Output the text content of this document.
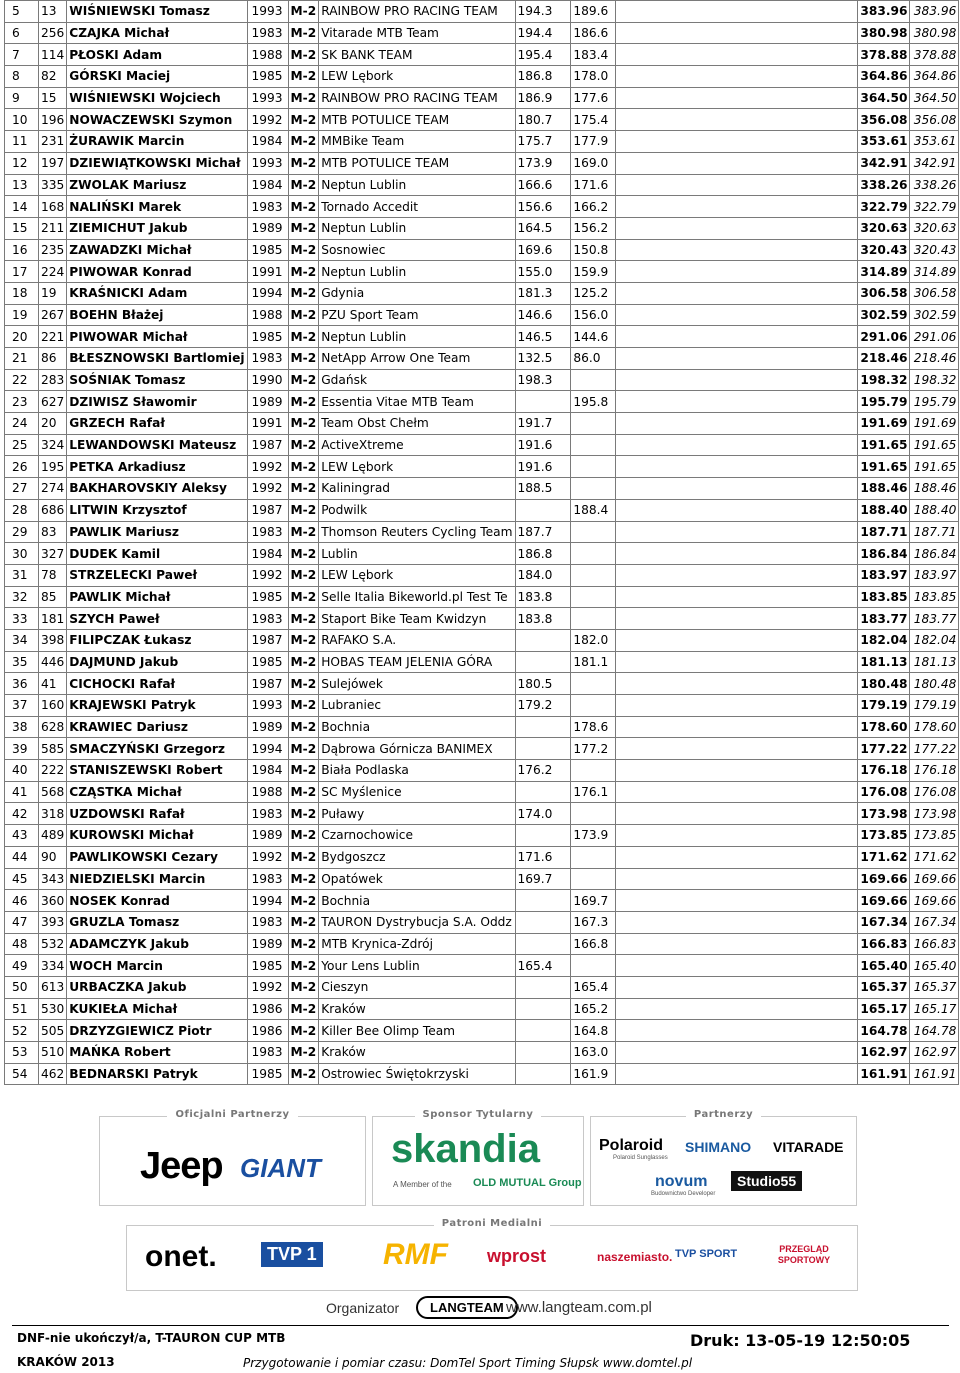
5	13	WIŚNIEWSKI Tomasz	1993	M-2	RAINBOW PRO RACING TEAM	194.3		189.6		383.96	383.96
6	256	CZAJKA Michał	1983	M-2	Vitarade MTB Team	194.4		186.6		380.98	380.98
7	114	PŁOSKI Adam	1988	M-2	SK BANK TEAM	195.4		183.4		378.88	378.88
8	82	GÓRSKI Maciej	1985	M-2	LEW Lębork	186.8		178.0		364.86	364.86
9	15	WIŚNIEWSKI Wojciech	1993	M-2	RAINBOW PRO RACING TEAM	186.9		177.6		364.50	364.50
10	196	NOWACZEWSKI Szymon	1992	M-2	MTB POTULICE TEAM	180.7		175.4		356.08	356.08
11	231	ŻURAWIK Marcin	1984	M-2	MMBike Team	175.7		177.9		353.61	353.61
12	197	DZIEWIĄTKOWSKI Michał	1993	M-2	MTB POTULICE TEAM	173.9		169.0		342.91	342.91
13	335	ZWOLAK Mariusz	1984	M-2	Neptun Lublin	166.6		171.6		338.26	338.26
14	168	NALIŃSKI Marek	1983	M-2	Tornado Accedit	156.6		166.2		322.79	322.79
15	211	ZIEMICHUT Jakub	1989	M-2	Neptun Lublin	164.5		156.2		320.63	320.63
16	235	ZAWADZKI Michał	1985	M-2	Sosnowiec	169.6		150.8		320.43	320.43
17	224	PIWOWAR Konrad	1991	M-2	Neptun Lublin	155.0		159.9		314.89	314.89
18	19	KRAŚNICKI Adam	1994	M-2	Gdynia	181.3		125.2		306.58	306.58
19	267	BOEHN Błażej	1988	M-2	PZU Sport Team	146.6		156.0		302.59	302.59
20	221	PIWOWAR Michał	1985	M-2	Neptun Lublin	146.5		144.6		291.06	291.06
21	86	BŁESZNOWSKI Bartlomiej	1983	M-2	NetApp Arrow One Team	132.5		86.0		218.46	218.46
22	283	SOŚNIAK Tomasz	1990	M-2	Gdańsk	198.3				198.32	198.32
23	627	DZIWISZ Sławomir	1989	M-2	Essentia Vitae MTB Team			195.8		195.79	195.79
24	20	GRZECH Rafał	1991	M-2	Team Obst Chełm	191.7				191.69	191.69
25	324	LEWANDOWSKI Mateusz	1987	M-2	ActiveXtreme	191.6				191.65	191.65
26	195	PETKA Arkadiusz	1992	M-2	LEW Lębork	191.6				191.65	191.65
27	274	BAKHAROVSKIY Aleksy	1992	M-2	Kaliningrad	188.5				188.46	188.46
28	686	LITWIN Krzysztof	1987	M-2	Podwilk			188.4		188.40	188.40
29	83	PAWLIK Mariusz	1983	M-2	Thomson Reuters Cycling Team	187.7				187.71	187.71
30	327	DUDEK Kamil	1984	M-2	Lublin	186.8				186.84	186.84
31	78	STRZELECKI Paweł	1992	M-2	LEW Lębork	184.0				183.97	183.97
32	85	PAWLIK Michał	1985	M-2	Selle Italia Bikeworld.pl Test Te	183.8				183.85	183.85
33	181	SZYCH Paweł	1983	M-2	Staport Bike Team Kwidzyn	183.8				183.77	183.77
34	398	FILIPCZAK Łukasz	1987	M-2	RAFAKO S.A.			182.0		182.04	182.04
35	446	DAJMUND Jakub	1985	M-2	HOBAS TEAM JELENIA GÓRA			181.1		181.13	181.13
36	41	CICHOCKI Rafał	1987	M-2	Sulejówek	180.5				180.48	180.48
37	160	KRAJEWSKI Patryk	1993	M-2	Lubraniec	179.2				179.19	179.19
38	628	KRAWIEC Dariusz	1989	M-2	Bochnia			178.6		178.60	178.60
39	585	SMACZYŃSKI Grzegorz	1994	M-2	Dąbrowa Górnicza BANIMEX			177.2		177.22	177.22
40	222	STANISZEWSKI Robert	1984	M-2	Biała Podlaska	176.2				176.18	176.18
41	568	CZĄSTKA Michał	1988	M-2	SC Myślenice			176.1		176.08	176.08
42	318	UZDOWSKI Rafał	1983	M-2	Puławy	174.0				173.98	173.98
43	489	KUROWSKI Michał	1989	M-2	Czarnochowice			173.9		173.85	173.85
44	90	PAWLIKOWSKI Cezary	1992	M-2	Bydgoszcz	171.6				171.62	171.62
45	343	NIEDZIELSKI Marcin	1983	M-2	Opatówek	169.7				169.66	169.66
46	360	NOSEK Konrad	1994	M-2	Bochnia			169.7		169.66	169.66
47	393	GRUZLA Tomasz	1983	M-2	TAURON Dystrybucja S.A. Oddz			167.3		167.34	167.34
48	532	ADAMCZYK Jakub	1989	M-2	MTB Krynica-Zdrój			166.8		166.83	166.83
49	334	WOCH Marcin	1985	M-2	Your Lens Lublin	165.4				165.40	165.40
50	613	URBACZKA Jakub	1992	M-2	Cieszyn			165.4		165.37	165.37
51	530	KUKIEŁA Michał	1986	M-2	Kraków			165.2		165.17	165.17
52	505	DRZYZGIEWICZ Piotr	1986	M-2	Killer Bee Olimp Team			164.8		164.78	164.78
53	510	MAŃKA Robert	1983	M-2	Kraków			163.0		162.97	162.97
54	462	BEDNARSKI Patryk	1985	M-2	Ostrowiec Świętokrzyski			161.9		161.91	161.91
Oficjalni Partnerzy
Jeep GIANT
Sponsor Tytularny
skandia
A Member of the OLD MUTUAL Group
Partnerzy
Polaroid
Polaroid Sunglasses
SHIMANO VITARADE
novum
Budownictwo Developer
Studio55
Patroni Medialni
onet.	TVP 1 RMF wprost	naszemiasto. TVP SPORT	PRZEGLĄD SPORTOWY
Organizator	LANGTEAM www.langteam.com.pl
DNF-nie ukończył/a, T-TAURON CUP MTB
KRAKÓW 2013	Przygotowanie i pomiar czasu: DomTel Sport Timing Słupsk www.domtel.pl
Druk: 13-05-19 12:50:05
